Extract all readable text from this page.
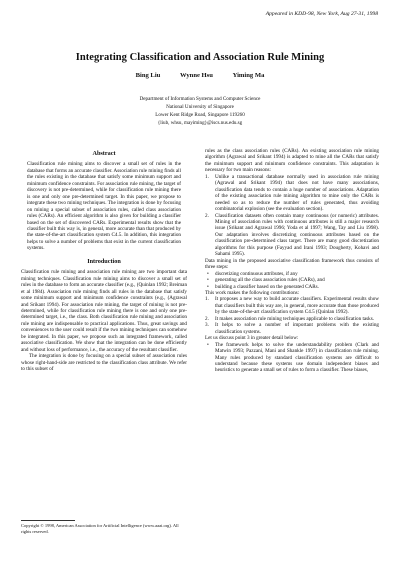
Appeared in KDD-98, New York, Aug 27-31, 1998
Integrating Classification and Association Rule Mining
Bing Liu	Wynne Hsu	Yiming Ma
Department of Information Systems and Computer Science
National University of Singapore
Lower Kent Ridge Road, Singapore 119260
{liub, whsu, mayiming}@iscs.nus.edu.sg
Abstract

Classification rule mining aims to discover a small set of rules in the database that forms an accurate classifier. Association rule mining finds all the rules existing in the database that satisfy some minimum support and minimum confidence constraints. For association rule mining, the target of discovery is not pre-determined, while for classification rule mining there is one and only one pre-determined target. In this paper, we propose to integrate these two mining techniques. The integration is done by focusing on mining a special subset of association rules, called class association rules (CARs). An efficient algorithm is also given for building a classifier based on the set of discovered CARs. Experimental results show that the classifier built this way is, in general, more accurate than that produced by the state-of-the-art classification system C4.5. In addition, this integration helps to solve a number of problems that exist in the current classification systems.

Introduction

Classification rule mining and association rule mining are two important data mining techniques. Classification rule mining aims to discover a small set of rules in the database to form an accurate classifier (e.g., (Quinlan 1992; Breiman et al 1984). Association rule mining finds all rules in the database that satisfy some minimum support and minimum confidence constraints (e.g., (Agrawal and Srikant 1994). For association rule mining, the target of mining is not pre-determined, while for classification rule mining there is one and only one pre-determined target, i.e., the class. Both classification rule mining and association rule mining are indispensable to practical applications. Thus, great savings and conveniences to the user could result if the two mining techniques can somehow be integrated. In this paper, we propose such an integrated framework, called associative classification. We show that the integration can be done efficiently and without loss of performance, i.e., the accuracy of the resultant classifier.

The integration is done by focusing on a special subset of association rules whose right-hand-side are restricted to the classification class attribute. We refer to this subset of

Copyright © 1998, American Association for Artificial Intelligence (www.aaai.org). All rights reserved.

rules as the class association rules (CARs). An existing association rule mining algorithm (Agrawal and Srikant 1994) is adapted to mine all the CARs that satisfy the minimum support and minimum confidence constraints. This adaptation is necessary for two main reasons:

1. Unlike a transactional database normally used in association rule mining (Agrawal and Srikant 1994) that does not have many associations, classification data tends to contain a huge number of associations. Adaptation of the existing association rule mining algorithm to mine only the CARs is needed so as to reduce the number of rules generated, thus avoiding combinatorial explosion (see the evaluation section).
2. Classification datasets often contain many continuous (or numeric) attributes. Mining of association rules with continuous attributes is still a major research issue (Srikant and Agrawal 1996; Yoda et al 1997; Wang, Tay and Liu 1998). Our adaptation involves discretizing continuous attributes based on the classification pre-determined class target. There are many good discretization algorithms for this purpose (Fayyad and Irani 1993; Dougherty, Kohavi and Sahami 1995).

Data mining in the proposed associative classification framework thus consists of three steps:

• discretizing continuous attributes, if any
• generating all the class association rules (CARs), and
• building a classifier based on the generated CARs.

This work makes the following contributions:

1. It proposes a new way to build accurate classifiers. Experimental results show that classifiers built this way are, in general, more accurate than those produced by the state-of-the-art classification system C4.5 (Quinlan 1992).
2. It makes association rule mining techniques applicable to classification tasks.
3. It helps to solve a number of important problems with the existing classification systems.

Let us discuss point 3 in greater detail below:

• The framework helps to solve the understandability problem (Clark and Matwin 1993; Pazzani, Mani and Shankle 1997) in classification rule mining. Many rules produced by standard classification systems are difficult to understand because these systems use domain independent biases and heuristics to generate a small set of rules to form a classifier. These biases,
